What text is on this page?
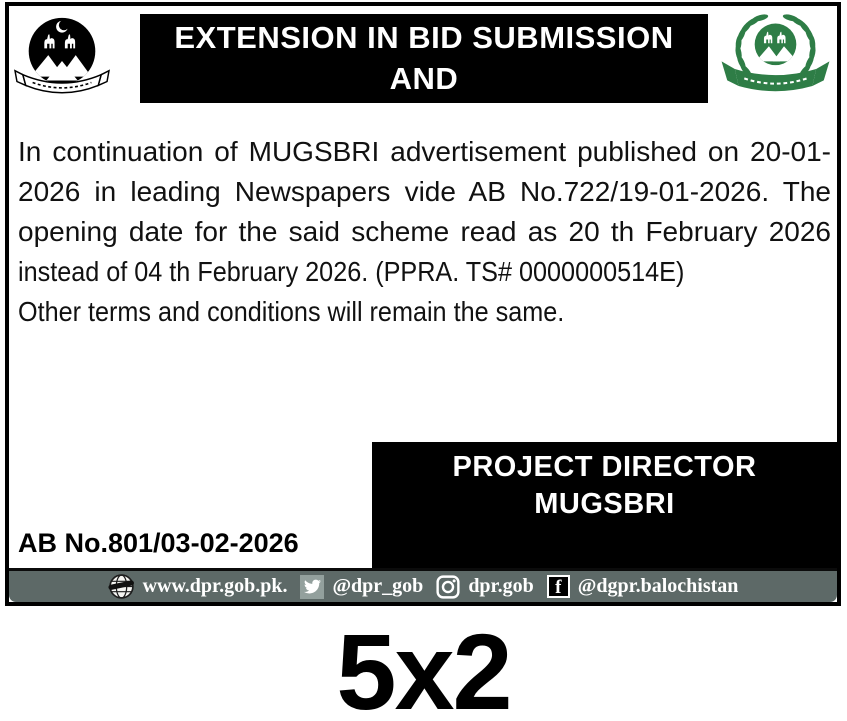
EXTENSION IN BID SUBMISSION AND
OPENING DATE
In continuation of MUGSBRI advertisement published on 20-01-
2026 in leading Newspapers vide AB No.722/19-01-2026. The
opening date for the said scheme read as 20 th February 2026
instead of 04 th February 2026. (PPRA. TS# 0000000514E)
Other terms and conditions will remain the same.
PROJECT DIRECTOR
MUGSBRI
AB No.801/03-02-2026
www.dpr.gob.pk. @dpr_gob dpr.gob f @dgpr.balochistan
5x2
